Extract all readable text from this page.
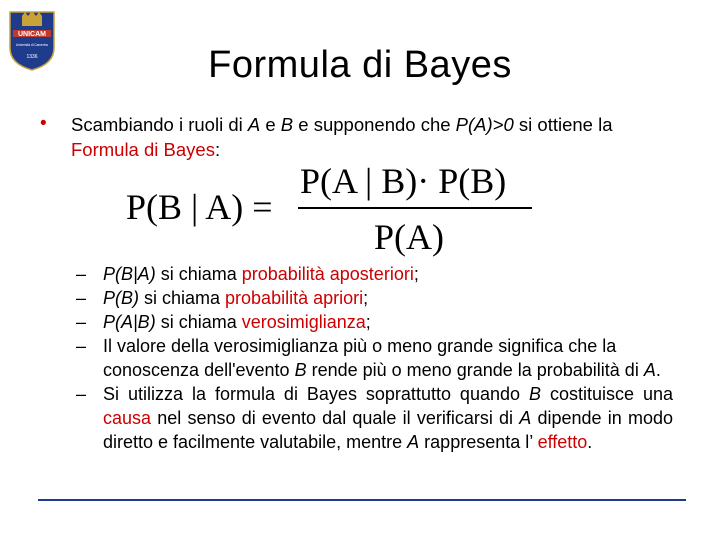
UNICAM
Università di Camerino
1336	Formula di Bayes
• Scambiando i ruoli di A e B e supponendo che P(A)>0 si ottiene la Formula di Bayes:
P(B | A) =
P(A | B)· P(B)
P(A)
– P(B|A) si chiama probabilità aposteriori;
– P(B) si chiama probabilità apriori;
– P(A|B) si chiama verosimiglianza;
– Il valore della verosimiglianza più o meno grande significa che la conoscenza dell'evento B rende più o meno grande la probabilità di A.
– Si utilizza la formula di Bayes soprattutto quando B costituisce una causa nel senso di evento dal quale il verificarsi di A dipende in modo diretto e facilmente valutabile, mentre A rappresenta l’ effetto.
